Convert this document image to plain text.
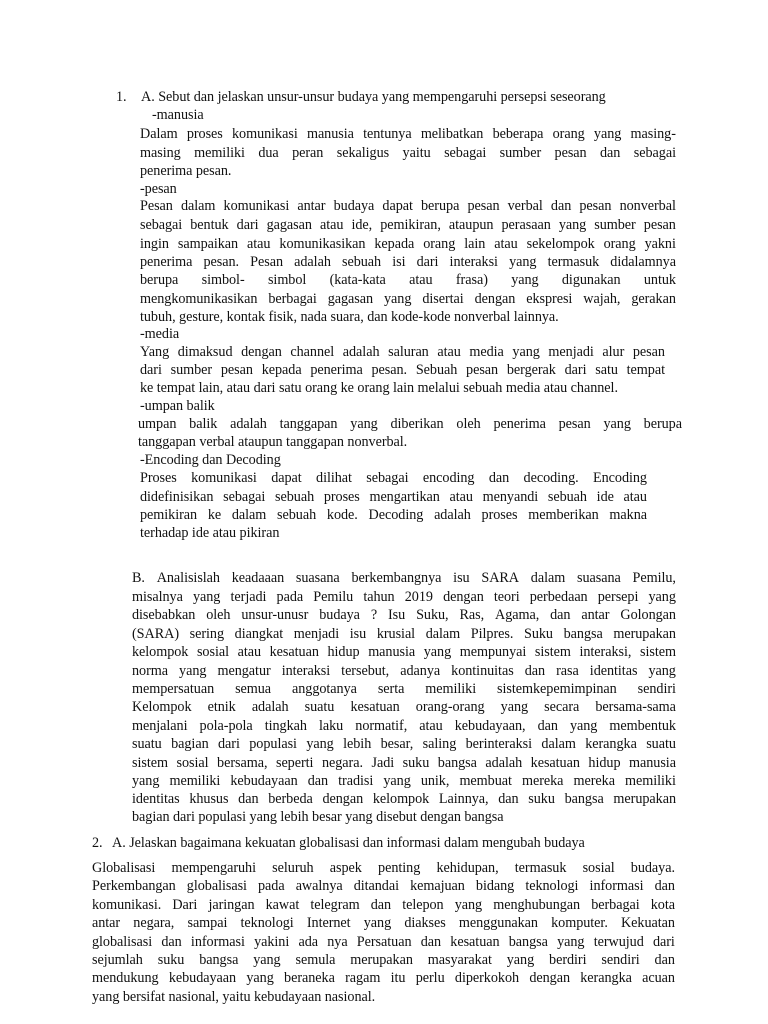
1. A. Sebut dan jelaskan unsur-unsur budaya yang mempengaruhi persepsi seseorang
-manusia
Dalam proses komunikasi manusia tentunya melibatkan beberapa orang yang masing-
masing memiliki dua peran sekaligus yaitu sebagai sumber pesan dan sebagai
penerima pesan.
-pesan
Pesan dalam komunikasi antar budaya dapat berupa pesan verbal dan pesan nonverbal
sebagai bentuk dari gagasan atau ide, pemikiran, ataupun perasaan yang sumber pesan
ingin sampaikan atau komunikasikan kepada orang lain atau sekelompok orang yakni
penerima pesan. Pesan adalah sebuah isi dari interaksi yang termasuk didalamnya
berupa simbol- simbol (kata-kata atau frasa) yang digunakan untuk
mengkomunikasikan berbagai gagasan yang disertai dengan ekspresi wajah, gerakan
tubuh, gesture, kontak fisik, nada suara, dan kode-kode nonverbal lainnya.
-media
Yang dimaksud dengan channel adalah saluran atau media yang menjadi alur pesan
dari sumber pesan kepada penerima pesan. Sebuah pesan bergerak dari satu tempat
ke tempat lain, atau dari satu orang ke orang lain melalui sebuah media atau channel.
-umpan balik
umpan balik adalah tanggapan yang diberikan oleh penerima pesan yang berupa
tanggapan verbal ataupun tanggapan nonverbal.
-Encoding dan Decoding
Proses komunikasi dapat dilihat sebagai encoding dan decoding. Encoding
didefinisikan sebagai sebuah proses mengartikan atau menyandi sebuah ide atau
pemikiran ke dalam sebuah kode. Decoding adalah proses memberikan makna
terhadap ide atau pikiran
B. Analisislah keadaaan suasana berkembangnya isu SARA dalam suasana Pemilu,
misalnya yang terjadi pada Pemilu tahun 2019 dengan teori perbedaan persepi yang
disebabkan oleh unsur-unusr budaya ? Isu Suku, Ras, Agama, dan antar Golongan
(SARA) sering diangkat menjadi isu krusial dalam Pilpres. Suku bangsa merupakan
kelompok sosial atau kesatuan hidup manusia yang mempunyai sistem interaksi, sistem
norma yang mengatur interaksi tersebut, adanya kontinuitas dan rasa identitas yang
mempersatuan semua anggotanya serta memiliki sistemkepemimpinan sendiri
Kelompok etnik adalah suatu kesatuan orang-orang yang secara bersama-sama
menjalani pola-pola tingkah laku normatif, atau kebudayaan, dan yang membentuk
suatu bagian dari populasi yang lebih besar, saling berinteraksi dalam kerangka suatu
sistem sosial bersama, seperti negara. Jadi suku bangsa adalah kesatuan hidup manusia
yang memiliki kebudayaan dan tradisi yang unik, membuat mereka mereka memiliki
identitas khusus dan berbeda dengan kelompok Lainnya, dan suku bangsa merupakan
bagian dari populasi yang lebih besar yang disebut dengan bangsa
2. A. Jelaskan bagaimana kekuatan globalisasi dan informasi dalam mengubah budaya
Globalisasi mempengaruhi seluruh aspek penting kehidupan, termasuk sosial budaya.
Perkembangan globalisasi pada awalnya ditandai kemajuan bidang teknologi informasi dan
komunikasi. Dari jaringan kawat telegram dan telepon yang menghubungan berbagai kota
antar negara, sampai teknologi Internet yang diakses menggunakan komputer. Kekuatan
globalisasi dan informasi yakini ada nya Persatuan dan kesatuan bangsa yang terwujud dari
sejumlah suku bangsa yang semula merupakan masyarakat yang berdiri sendiri dan
mendukung kebudayaan yang beraneka ragam itu perlu diperkokoh dengan kerangka acuan
yang bersifat nasional, yaitu kebudayaan nasional.
